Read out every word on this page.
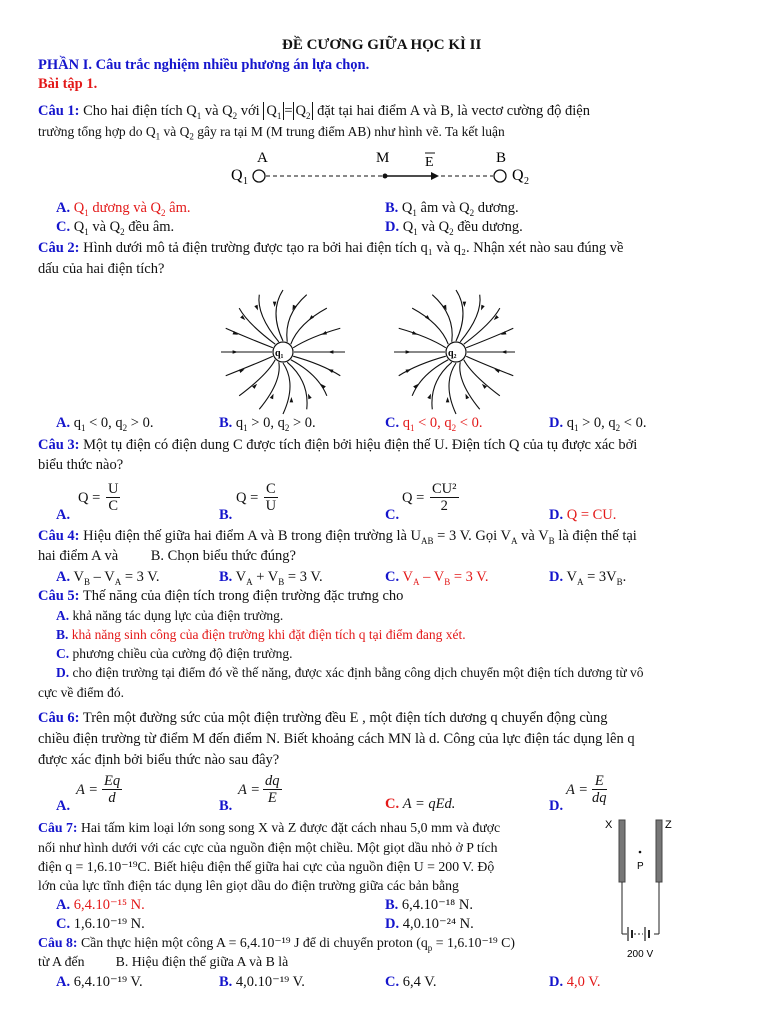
ĐỀ CƯƠNG GIỮA HỌC KÌ II
PHẦN I. Câu trắc nghiệm nhiều phương án lựa chọn.
Bài tập 1.
Câu 1: Cho hai điện tích $Q_1$ và $Q_2$ với $Q_1 = Q_2$ đặt tại hai điểm A và B, là vectơ cường độ điện
trường tổng hợp do $Q_1$ và $Q_2$ gây ra tại M (M trung điểm AB) như hình vẽ. Ta kết luận
A	M	E	B
Q 1	Q 2
A. $Q_1$ dương và $Q_2$ âm.	B. $Q_1$ âm và $Q_2$ dương.
C. $Q_1$ và $Q_2$ đều âm.	D. $Q_1$ và $Q_2$ đều dương.
Câu 2: Hình dưới mô tả điện trường được tạo ra bởi hai điện tích q₁ và q₂. Nhận xét nào sau đúng về
dấu của hai điện tích?
q₁	q₂
A. $q_1 < 0$, $q_2 > 0$.	B. $q_1 > 0$, $q_2 > 0$.	C. $q_1 < 0$, $q_2 < 0$.	D. $q_1 > 0$, $q_2 < 0$.
Câu 3: Một tụ điện có điện dung C được tích điện bởi hiệu điện thế U. Điện tích Q của tụ được xác bởi
biểu thức nào?
A.
$Q = \frac{U}{C}$
B.
$Q = \frac{C}{U}$
C.
$Q = \frac{\text{CU²}}{2}$
D. Q = CU.
Câu 4: Hiệu điện thế giữa hai điểm A và B trong điện trường là $U_{AB} = 3$ V. Gọi $V_A$ và $V_B$ là điện thế tại
hai điểm A và         B. Chọn biểu thức đúng?
A. $V_B - V_A = 3$ V.	B. $V_A + V_B = 3$ V.	C. $V_A - V_B = 3$ V.	D. $V_A = 3V_B$.
Câu 5: Thế năng của điện tích trong điện trường đặc trưng cho
A. khả năng tác dụng lực của điện trường.
B. khả năng sinh công của điện trường khi đặt điện tích q tại điểm đang xét.
C. phương chiều của cường độ điện trường.
D. cho điện trường tại điểm đó về thế năng, được xác định bằng công dịch chuyển một điện tích dương từ vô
cực về điểm đó.
Câu 6: Trên một đường sức của một điện trường đều E , một điện tích dương q chuyển động cùng
chiều điện trường từ điểm M đến điểm N. Biết khoảng cách MN là d. Công của lực điện tác dụng lên q
được xác định bởi biểu thức nào sau đây?
A.
$A = \frac{Eq}{d}$	B.
$A = \frac{dq}{E}$	C. A = qEd.	D.
$A = \frac{E}{dq}$
Câu 7: Hai tấm kim loại lớn song song X và Z được đặt cách nhau 5,0 mm và được
nối như hình dưới với các cực của nguồn điện một chiều. Một giọt dầu nhỏ ở P tích
điện q = 1,6.10⁻¹⁹C. Biết hiệu điện thế giữa hai cực của nguồn điện U = 200 V. Độ
lớn của lực tĩnh điện tác dụng lên giọt dầu do điện trường giữa các bản bằng
A. 6,4.10⁻¹⁵ N.	B. 6,4.10⁻¹⁸ N.
C. 1,6.10⁻¹⁹ N.	D. 4,0.10⁻²⁴ N.
X	Z
P
200 V
Câu 8: Cần thực hiện một công A = 6,4.10⁻¹⁹ J để di chuyển proton ($q_p = 1,6.10^{-19}$ C)
từ A đến         B. Hiệu điện thế giữa A và B là
A. 6,4.10⁻¹⁹ V.	B. 4,0.10⁻¹⁹ V.	C. 6,4 V.	D. 4,0 V.
